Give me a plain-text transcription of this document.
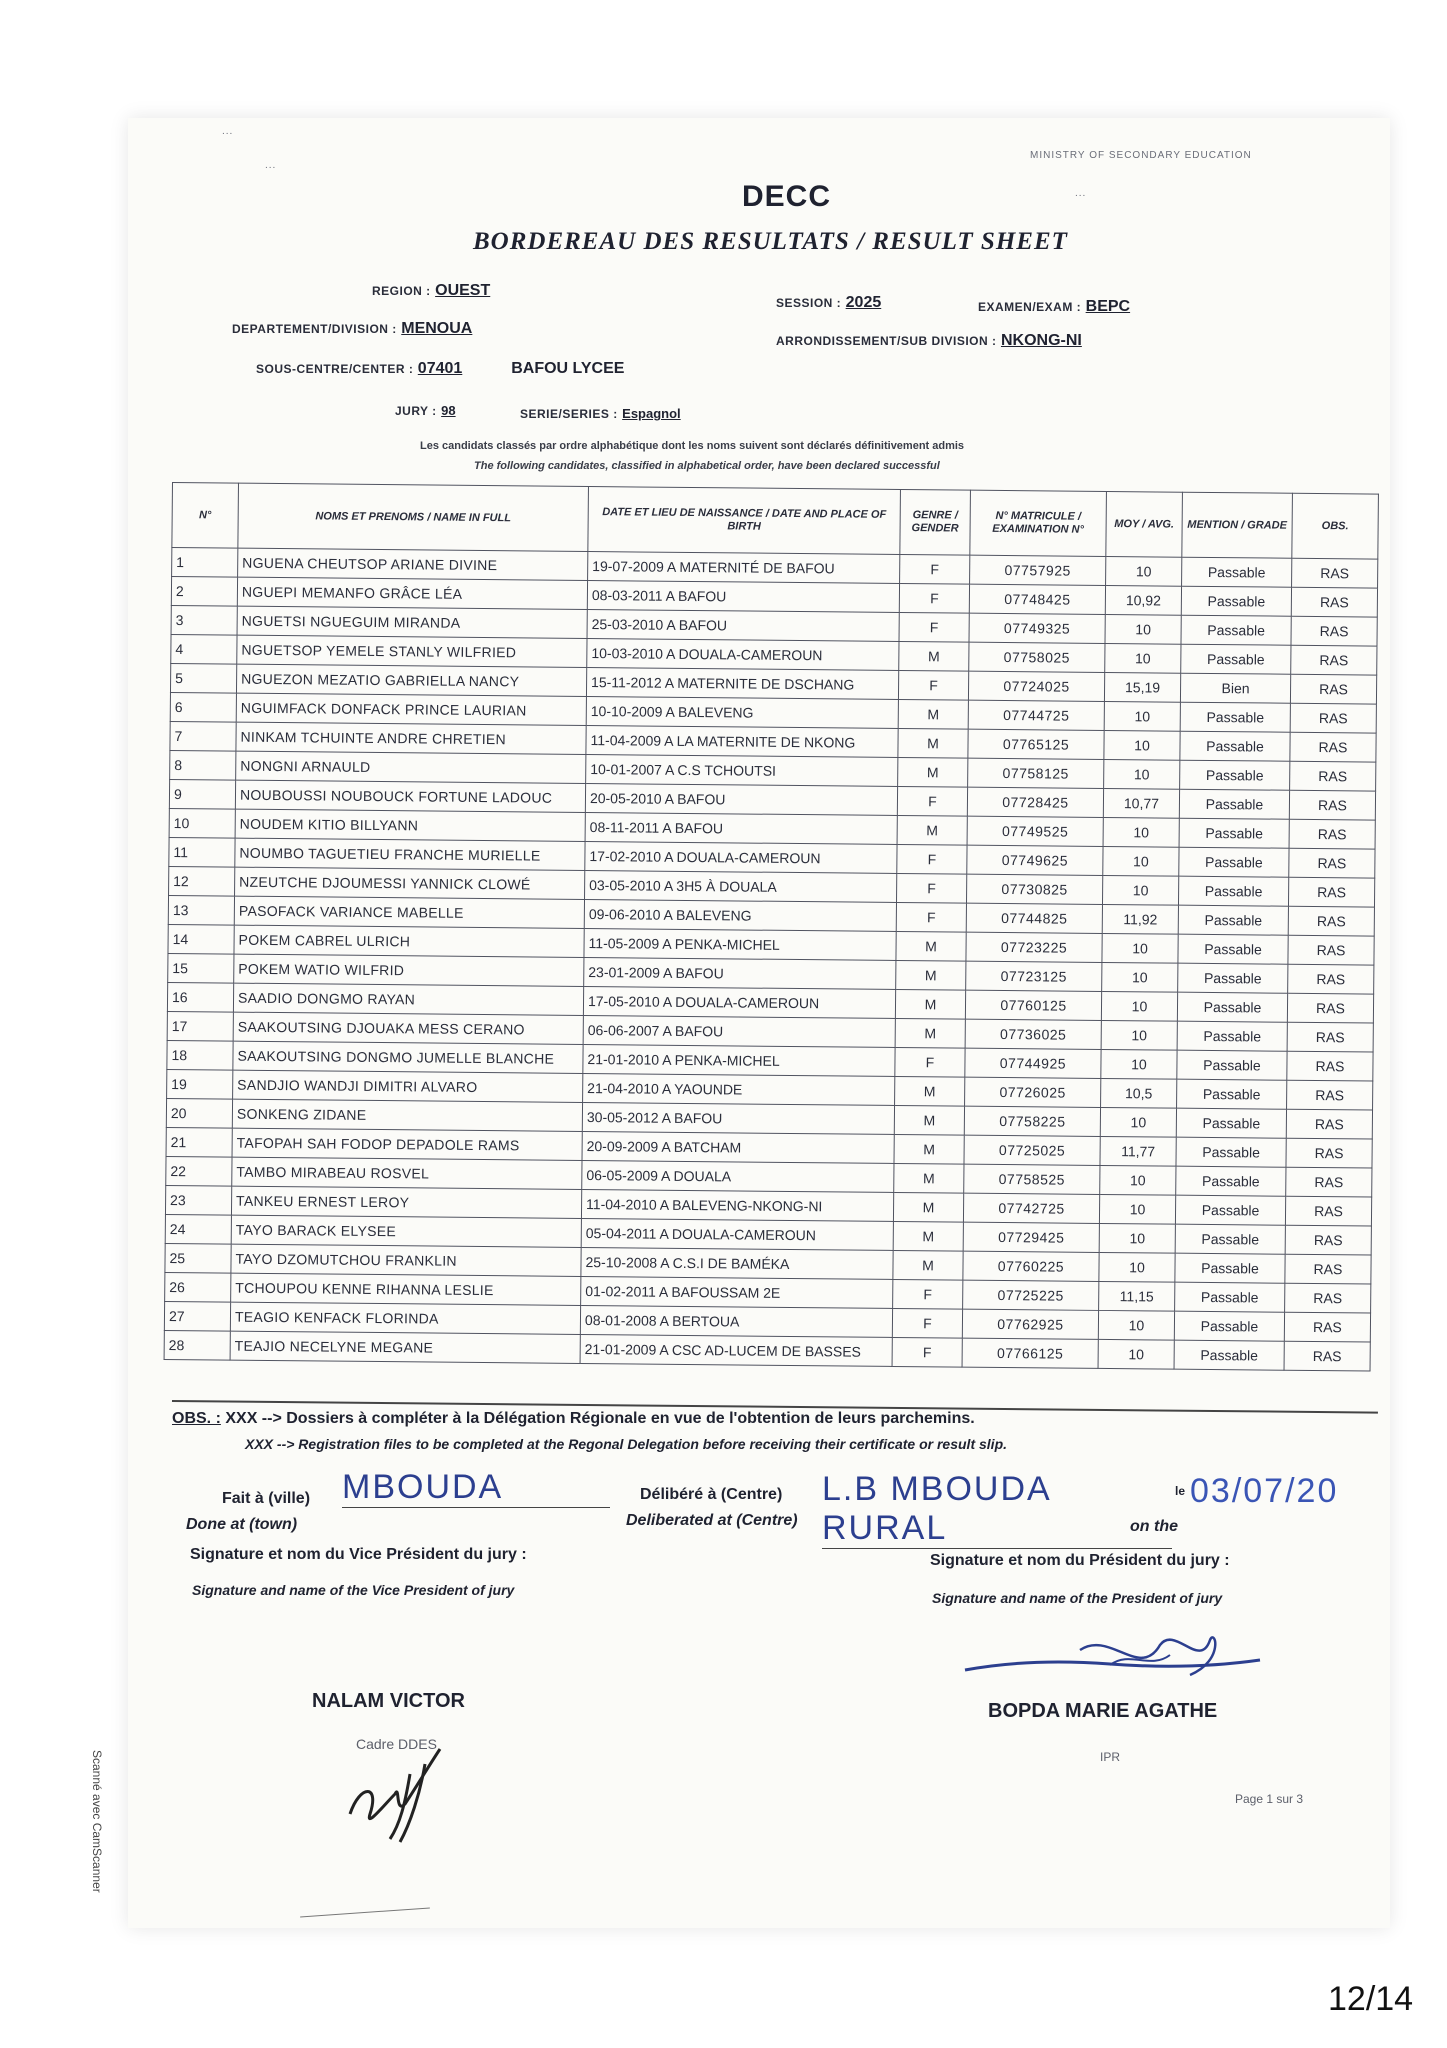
...
...
MINISTRY OF SECONDARY EDUCATION
...
DECC
BORDEREAU DES RESULTATS / RESULT SHEET
REGION : OUEST
SESSION : 2025	EXAMEN/EXAM : BEPC
DEPARTEMENT/DIVISION : MENOUA
ARRONDISSEMENT/SUB DIVISION : NKONG-NI
SOUS-CENTRE/CENTER : 07401	BAFOU LYCEE
JURY : 98	SERIE/SERIES : Espagnol
Les candidats classés par ordre alphabétique dont les noms suivent sont déclarés définitivement admis
The following candidates, classified in alphabetical order, have been declared successful
N°	NOMS ET PRENOMS / NAME IN FULL	DATE ET LIEU DE NAISSANCE / DATE AND PLACE OF BIRTH	GENRE / GENDER	N° MATRICULE / EXAMINATION N°	MOY / AVG.	MENTION / GRADE	OBS.
1	NGUENA CHEUTSOP ARIANE DIVINE	19-07-2009 A MATERNITÉ DE BAFOU	F	07757925	10	Passable	RAS
2	NGUEPI MEMANFO GRÂCE LÉA	08-03-2011 A BAFOU	F	07748425	10,92	Passable	RAS
3	NGUETSI NGUEGUIM MIRANDA	25-03-2010 A BAFOU	F	07749325	10	Passable	RAS
4	NGUETSOP YEMELE STANLY WILFRIED	10-03-2010 A DOUALA-CAMEROUN	M	07758025	10	Passable	RAS
5	NGUEZON MEZATIO GABRIELLA NANCY	15-11-2012 A MATERNITE DE DSCHANG	F	07724025	15,19	Bien	RAS
6	NGUIMFACK DONFACK PRINCE LAURIAN	10-10-2009 A BALEVENG	M	07744725	10	Passable	RAS
7	NINKAM TCHUINTE ANDRE CHRETIEN	11-04-2009 A LA MATERNITE DE NKONG	M	07765125	10	Passable	RAS
8	NONGNI ARNAULD	10-01-2007 A C.S TCHOUTSI	M	07758125	10	Passable	RAS
9	NOUBOUSSI NOUBOUCK FORTUNE LADOUC	20-05-2010 A BAFOU	F	07728425	10,77	Passable	RAS
10	NOUDEM KITIO BILLYANN	08-11-2011 A BAFOU	M	07749525	10	Passable	RAS
11	NOUMBO TAGUETIEU FRANCHE MURIELLE	17-02-2010 A DOUALA-CAMEROUN	F	07749625	10	Passable	RAS
12	NZEUTCHE DJOUMESSI YANNICK CLOWÉ	03-05-2010 A 3H5 À DOUALA	F	07730825	10	Passable	RAS
13	PASOFACK VARIANCE MABELLE	09-06-2010 A BALEVENG	F	07744825	11,92	Passable	RAS
14	POKEM CABREL ULRICH	11-05-2009 A PENKA-MICHEL	M	07723225	10	Passable	RAS
15	POKEM WATIO WILFRID	23-01-2009 A BAFOU	M	07723125	10	Passable	RAS
16	SAADIO DONGMO RAYAN	17-05-2010 A DOUALA-CAMEROUN	M	07760125	10	Passable	RAS
17	SAAKOUTSING DJOUAKA MESS CERANO	06-06-2007 A BAFOU	M	07736025	10	Passable	RAS
18	SAAKOUTSING DONGMO JUMELLE BLANCHE	21-01-2010 A PENKA-MICHEL	F	07744925	10	Passable	RAS
19	SANDJIO WANDJI DIMITRI ALVARO	21-04-2010 A YAOUNDE	M	07726025	10,5	Passable	RAS
20	SONKENG ZIDANE	30-05-2012 A BAFOU	M	07758225	10	Passable	RAS
21	TAFOPAH SAH FODOP DEPADOLE RAMS	20-09-2009 A BATCHAM	M	07725025	11,77	Passable	RAS
22	TAMBO MIRABEAU ROSVEL	06-05-2009 A DOUALA	M	07758525	10	Passable	RAS
23	TANKEU ERNEST LEROY	11-04-2010 A BALEVENG-NKONG-NI	M	07742725	10	Passable	RAS
24	TAYO BARACK ELYSEE	05-04-2011 A DOUALA-CAMEROUN	M	07729425	10	Passable	RAS
25	TAYO DZOMUTCHOU FRANKLIN	25-10-2008 A C.S.I DE BAMÉKA	M	07760225	10	Passable	RAS
26	TCHOUPOU KENNE RIHANNA LESLIE	01-02-2011 A BAFOUSSAM 2E	F	07725225	11,15	Passable	RAS
27	TEAGIO KENFACK FLORINDA	08-01-2008 A BERTOUA	F	07762925	10	Passable	RAS
28	TEAJIO NECELYNE MEGANE	21-01-2009 A CSC AD-LUCEM DE BASSES	F	07766125	10	Passable	RAS
OBS. : XXX --> Dossiers à compléter à la Délégation Régionale en vue de l'obtention de leurs parchemins.
XXX --> Registration files to be completed at the Regonal Delegation before receiving their certificate or result slip.
Fait à (ville) MBOUDA
Done at (town)
Délibéré à (Centre) L.B MBOUDA RURAL
Deliberated at (Centre)
le 03/07/20
on the
Signature et nom du Vice Président du jury :
Signature and name of the Vice President of jury
Signature et nom du Président du jury :
Signature and name of the President of jury
NALAM VICTOR	BOPDA MARIE AGATHE
IPR
Cadre DDES
Page 1 sur 3
Scanné avec CamScanner
12/14
